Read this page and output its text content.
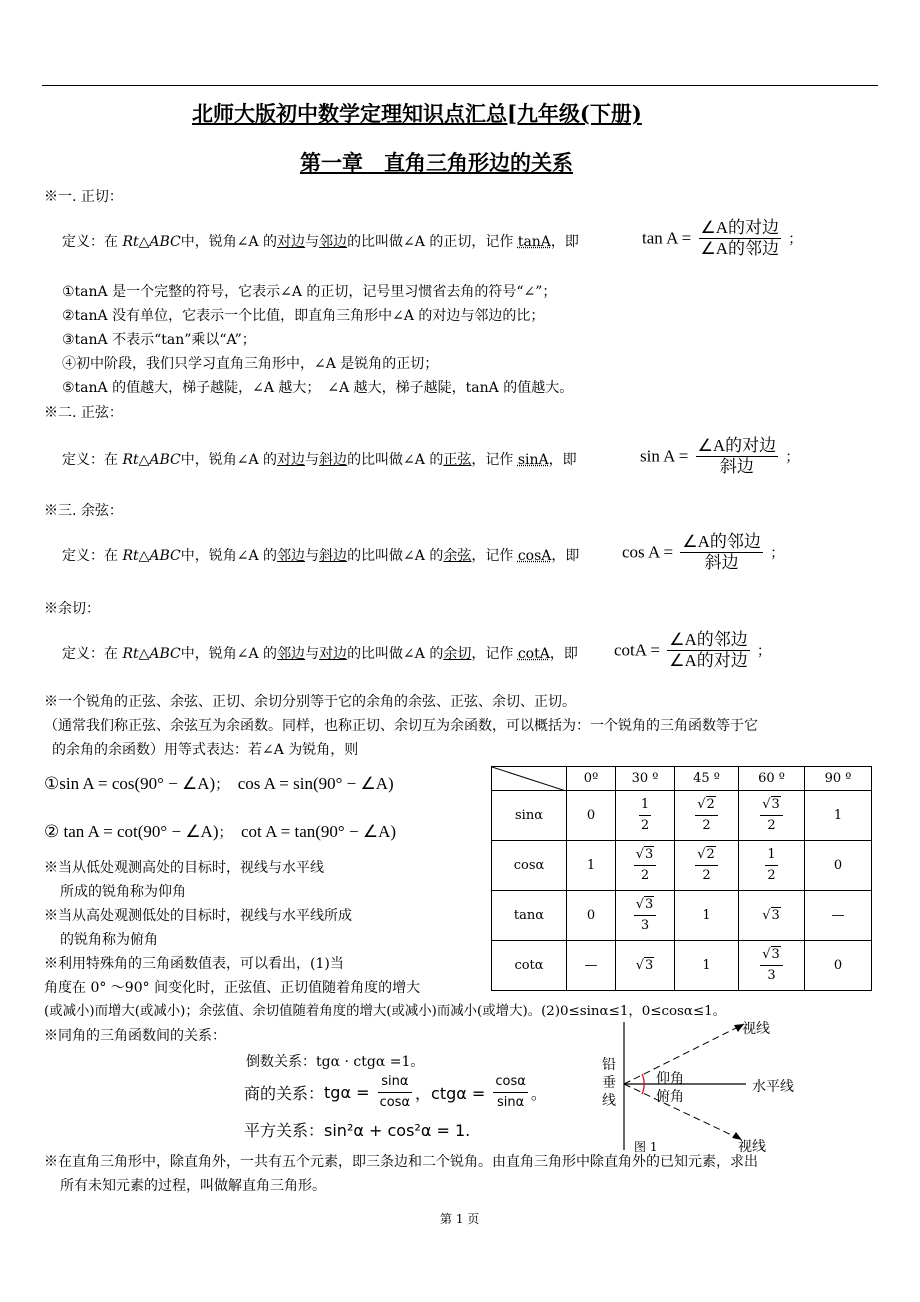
北师大版初中数学定理知识点汇总[九年级(下册)
第一章　直角三角形边的关系
※一. 正切：
定义：在 Rt△ABC中，锐角∠A 的对边与邻边的比叫做∠A 的正切，记作 tanA，即	$\tan A = \frac{\text{∠A的对边}}{\text{∠A的邻边}}$ ；
①tanA 是一个完整的符号，它表示∠A 的正切，记号里习惯省去角的符号“∠”；
②tanA 没有单位，它表示一个比值，即直角三角形中∠A 的对边与邻边的比；
③tanA 不表示“tan”乘以“A”；
④初中阶段，我们只学习直角三角形中，∠A 是锐角的正切；
⑤tanA 的值越大，梯子越陡，∠A 越大；　∠A 越大，梯子越陡，tanA 的值越大。
※二. 正弦：
定义：在 Rt△ABC中，锐角∠A 的对边与斜边的比叫做∠A 的正弦，记作 sinA，即	$\sin A = \frac{\text{∠A的对边}}{\text{斜边}}$ ；
※三. 余弦：
定义：在 Rt△ABC中，锐角∠A 的邻边与斜边的比叫做∠A 的余弦，记作 cosA，即	$\cos A = \frac{\text{∠A的邻边}}{\text{斜边}}$ ；
※余切：
定义：在 Rt△ABC中，锐角∠A 的邻边与对边的比叫做∠A 的余切，记作 cotA，即 $\cot A = \frac{\text{∠A的邻边}}{\text{∠A的对边}}$ ；
※一个锐角的正弦、余弦、正切、余切分别等于它的余角的余弦、正弦、余切、正切。
（通常我们称正弦、余弦互为余函数。同样，也称正切、余切互为余函数，可以概括为：一个锐角的三角函数等于它
的余角的余函数）用等式表达：若∠A 为锐角，则
①sin A = cos(90° − ∠A)； cos A = sin(90° − ∠A)
② tan A = cot(90° − ∠A)； cot A = tan(90° − ∠A)
※当从低处观测高处的目标时，视线与水平线
所成的锐角称为仰角
※当从高处观测低处的目标时，视线与水平线所成
的锐角称为俯角
※利用特殊角的三角函数值表，可以看出，(1)当
角度在 0° ～90° 间变化时，正弦值、正切值随着角度的增大
(或减小)而增大(或减小)；余弦值、余切值随着角度的增大(或减小)而减小(或增大)。(2)0≤sinα≤1，0≤cosα≤1。
	0º	30 º	45 º	60 º	90 º
sinα	0	$\frac{1}{2}$	$\frac{√2}{2}$	$\frac{√3}{2}$	1
cosα	1	$\frac{√3}{2}$	$\frac{√2}{2}$	$\frac{1}{2}$	0
tanα	0	$\frac{√3}{3}$	1	√3	—
cotα	—	√3	1	$\frac{√3}{3}$	0
※同角的三角函数间的关系：
倒数关系：tgα · ctgα =1。
商的关系：$tg\alpha = \frac{\sin\alpha}{\cos\alpha}$ ，$ctg\alpha = \frac{\cos\alpha}{\sin\alpha}$ 。
平方关系：sin²α + cos²α = 1.
铅
垂
线
视线
仰角	水平线
俯角
视线
图 1
※在直角三角形中，除直角外，一共有五个元素，即三条边和二个锐角。由直角三角形中除直角外的已知元素，求出
所有未知元素的过程，叫做解直角三角形。
第 1 页
